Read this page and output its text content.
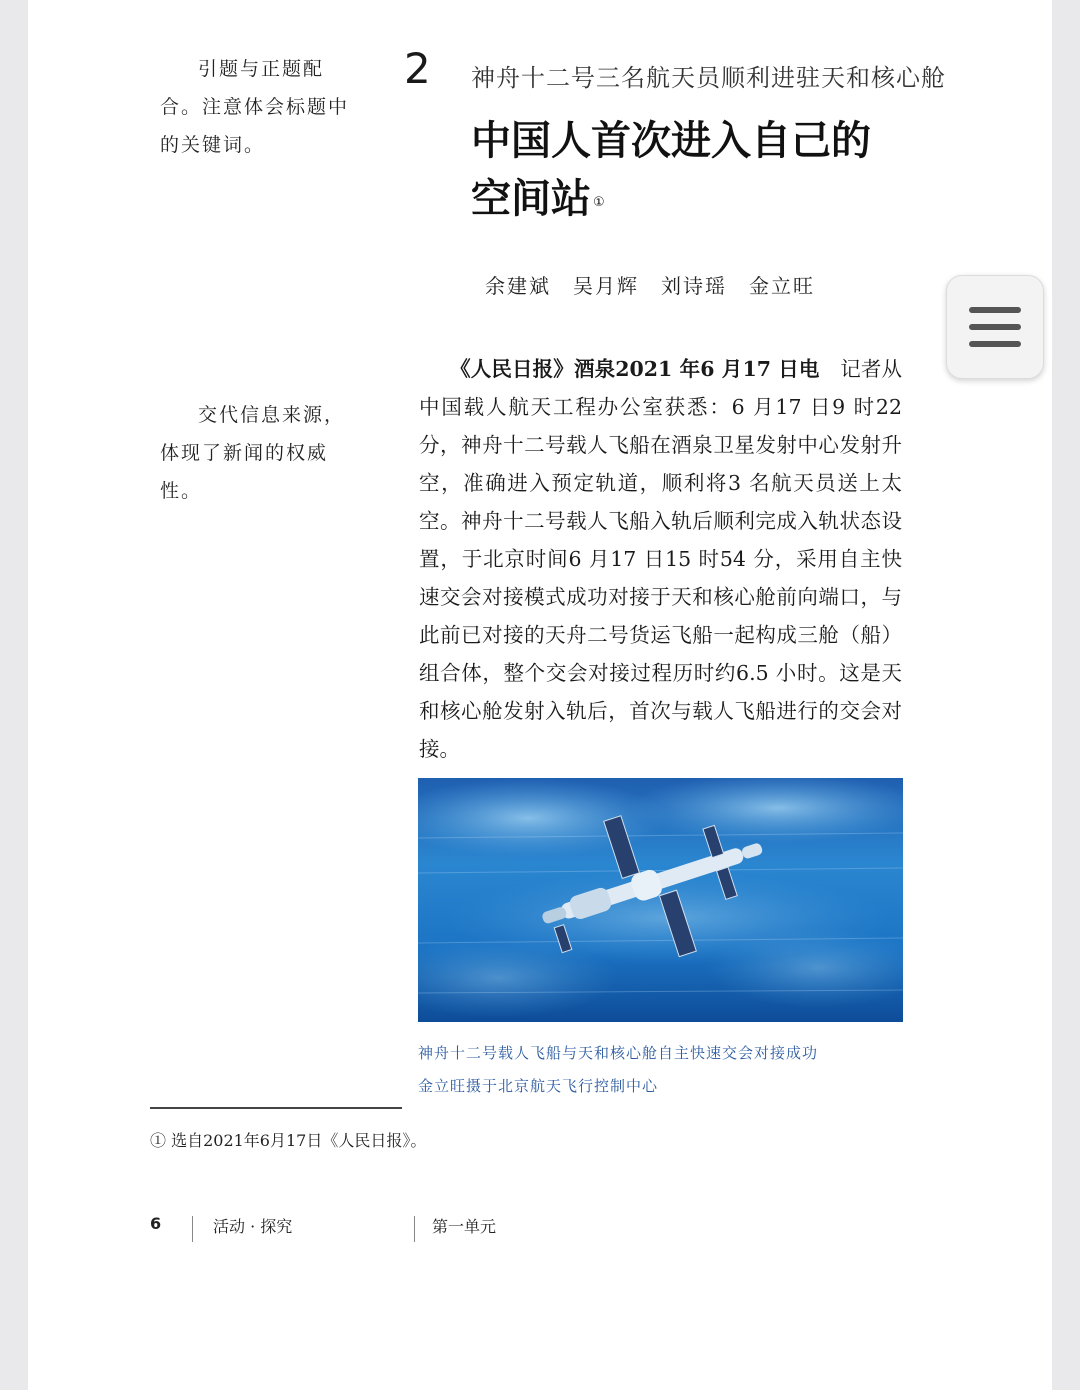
引题与正题配合。注意体会标题中的关键词。
交代信息来源，体现了新闻的权威性。
2 神舟十二号三名航天员顺利进驻天和核心舱
中国人首次进入自己的空间站 ①
余建斌　吴月辉　刘诗瑶　金立旺
　　《人民日报》酒泉2021 年6 月17 日电　记者从中国载人航天工程办公室获悉：6 月17 日9 时22 分，神舟十二号载人飞船在酒泉卫星发射中心发射升空，准确进入预定轨道，顺利将3 名航天员送上太空。神舟十二号载人飞船入轨后顺利完成入轨状态设置，于北京时间6 月17 日15 时54 分，采用自主快速交会对接模式成功对接于天和核心舱前向端口，与此前已对接的天舟二号货运飞船一起构成三舱（船）组合体，整个交会对接过程历时约6.5 小时。这是天和核心舱发射入轨后，首次与载人飞船进行的交会对接。
神舟十二号载人飞船与天和核心舱自主快速交会对接成功
金立旺摄于北京航天飞行控制中心
① 选自2021年6月17日《人民日报》。
6	活动 · 探究	第一单元
